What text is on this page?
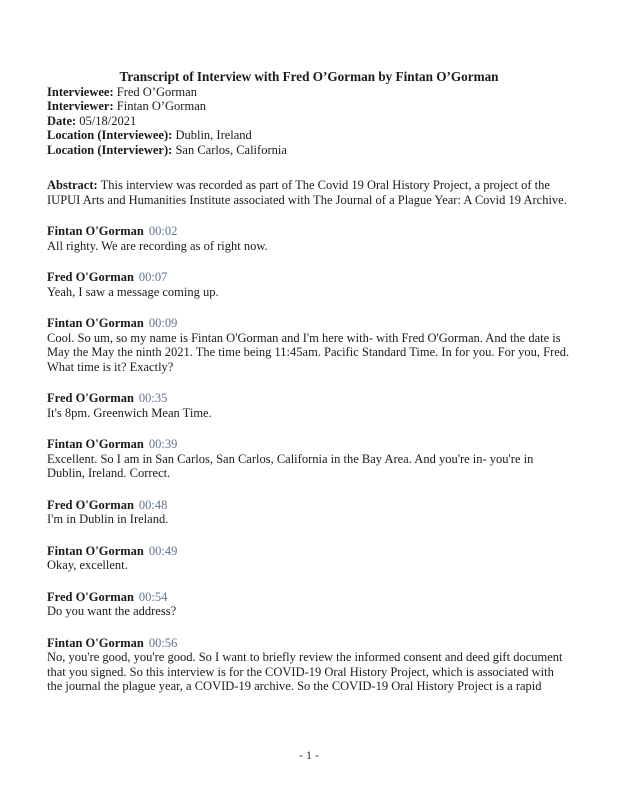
Transcript of Interview with Fred O’Gorman by Fintan O’Gorman
Interviewee: Fred O’Gorman
Interviewer: Fintan O’Gorman
Date: 05/18/2021
Location (Interviewee): Dublin, Ireland
Location (Interviewer): San Carlos, California

Abstract: This interview was recorded as part of The Covid 19 Oral History Project, a project of the IUPUI Arts and Humanities Institute associated with The Journal of a Plague Year: A Covid 19 Archive.

Fintan O'Gorman 00:02
All righty. We are recording as of right now.
Fred O'Gorman 00:07
Yeah, I saw a message coming up.
Fintan O'Gorman 00:09
Cool. So um, so my name is Fintan O'Gorman and I'm here with- with Fred O'Gorman. And the date is May the May the ninth 2021. The time being 11:45am. Pacific Standard Time. In for you. For you, Fred. What time is it? Exactly?
Fred O'Gorman 00:35
It's 8pm. Greenwich Mean Time.
Fintan O'Gorman 00:39
Excellent. So I am in San Carlos, San Carlos, California in the Bay Area. And you're in- you're in Dublin, Ireland. Correct.
Fred O'Gorman 00:48
I'm in Dublin in Ireland.
Fintan O'Gorman 00:49
Okay, excellent.
Fred O'Gorman 00:54
Do you want the address?
Fintan O'Gorman 00:56
No, you're good, you're good. So I want to briefly review the informed consent and deed gift document that you signed. So this interview is for the COVID-19 Oral History Project, which is associated with the journal the plague year, a COVID-19 archive. So the COVID-19 Oral History Project is a rapid
- 1 -
